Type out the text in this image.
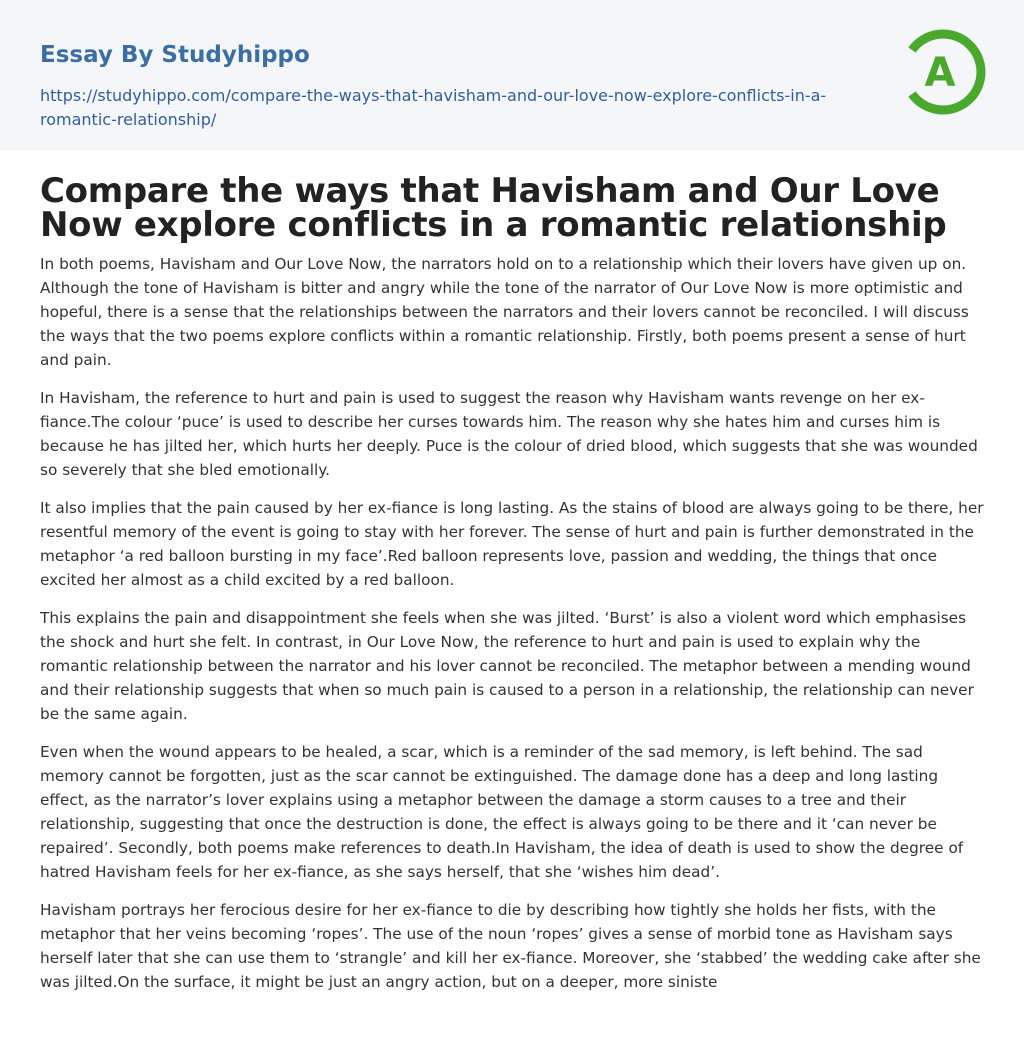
Essay By Studyhippo
https://studyhippo.com/compare-the-ways-that-havisham-and-our-love-now-explore-conflicts-in-a-romantic-relationship/
A
Compare the ways that Havisham and Our Love Now explore conflicts in a romantic relationship

In both poems, Havisham and Our Love Now, the narrators hold on to a relationship which their lovers have given up on. Although the tone of Havisham is bitter and angry while the tone of the narrator of Our Love Now is more optimistic and hopeful, there is a sense that the relationships between the narrators and their lovers cannot be reconciled. I will discuss the ways that the two poems explore conflicts within a romantic relationship. Firstly, both poems present a sense of hurt and pain.

In Havisham, the reference to hurt and pain is used to suggest the reason why Havisham wants revenge on her ex-fiance.The colour ‘puce’ is used to describe her curses towards him. The reason why she hates him and curses him is because he has jilted her, which hurts her deeply. Puce is the colour of dried blood, which suggests that she was wounded so severely that she bled emotionally.

It also implies that the pain caused by her ex-fiance is long lasting. As the stains of blood are always going to be there, her resentful memory of the event is going to stay with her forever. The sense of hurt and pain is further demonstrated in the metaphor ‘a red balloon bursting in my face’.Red balloon represents love, passion and wedding, the things that once excited her almost as a child excited by a red balloon.

This explains the pain and disappointment she feels when she was jilted. ‘Burst’ is also a violent word which emphasises the shock and hurt she felt. In contrast, in Our Love Now, the reference to hurt and pain is used to explain why the romantic relationship between the narrator and his lover cannot be reconciled. The metaphor between a mending wound and their relationship suggests that when so much pain is caused to a person in a relationship, the relationship can never be the same again.

Even when the wound appears to be healed, a scar, which is a reminder of the sad memory, is left behind. The sad memory cannot be forgotten, just as the scar cannot be extinguished. The damage done has a deep and long lasting effect, as the narrator’s lover explains using a metaphor between the damage a storm causes to a tree and their relationship, suggesting that once the destruction is done, the effect is always going to be there and it ‘can never be repaired’. Secondly, both poems make references to death.In Havisham, the idea of death is used to show the degree of hatred Havisham feels for her ex-fiance, as she says herself, that she ‘wishes him dead’.

Havisham portrays her ferocious desire for her ex-fiance to die by describing how tightly she holds her fists, with the metaphor that her veins becoming ‘ropes’. The use of the noun ‘ropes’ gives a sense of morbid tone as Havisham says herself later that she can use them to ‘strangle’ and kill her ex-fiance. Moreover, she ‘stabbed’ the wedding cake after she was jilted.On the surface, it might be just an angry action, but on a deeper, more siniste
